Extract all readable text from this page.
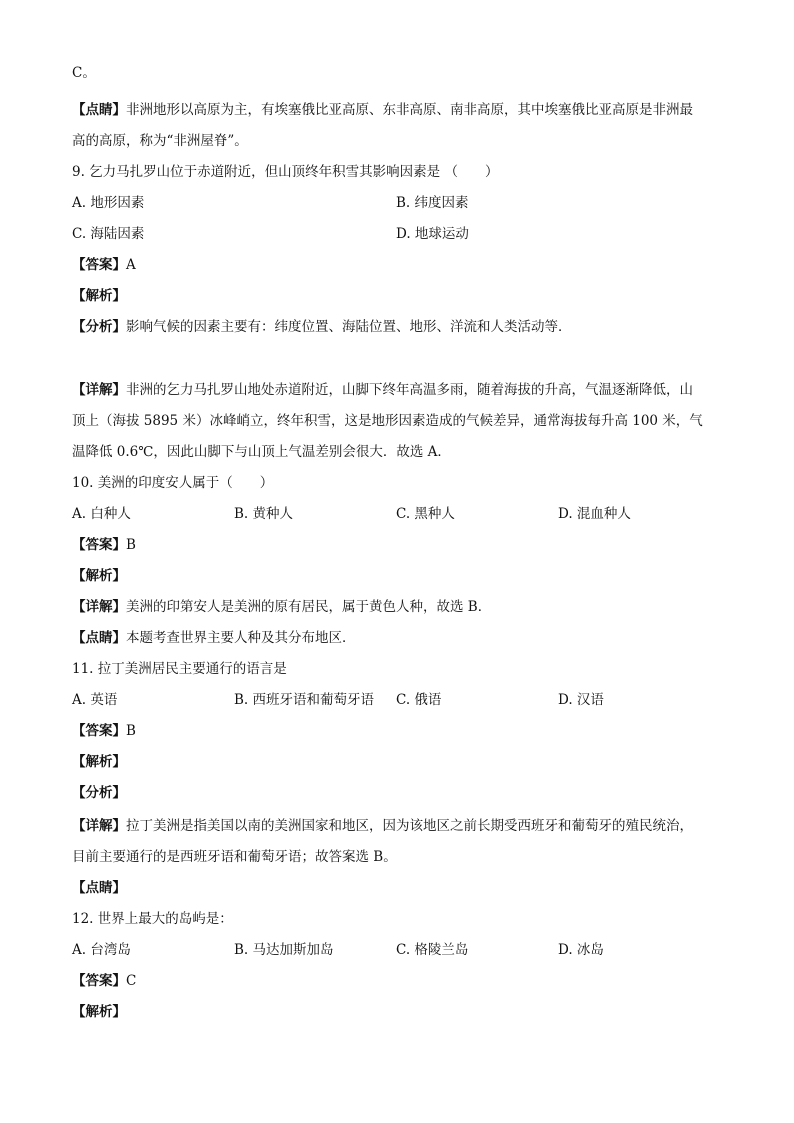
C。
【点睛】非洲地形以高原为主，有埃塞俄比亚高原、东非高原、南非高原，其中埃塞俄比亚高原是非洲最
高的高原，称为“非洲屋脊”。
9. 乞力马扎罗山位于赤道附近，但山顶终年积雪其影响因素是 （　　）
A. 地形因素	B. 纬度因素
C. 海陆因素	D. 地球运动
【答案】A
【解析】
【分析】影响气候的因素主要有：纬度位置、海陆位置、地形、洋流和人类活动等．
【详解】非洲的乞力马扎罗山地处赤道附近，山脚下终年高温多雨，随着海拔的升高，气温逐渐降低，山
顶上（海拔 5895 米）冰峰峭立，终年积雪，这是地形因素造成的气候差异，通常海拔每升高 100 米，气
温降低 0.6℃，因此山脚下与山顶上气温差别会很大．故选 A．
10. 美洲的印度安人属于（　　）
A. 白种人	B. 黄种人	C. 黑种人	D. 混血种人
【答案】B
【解析】
【详解】美洲的印第安人是美洲的原有居民，属于黄色人种，故选 B．
【点睛】本题考查世界主要人种及其分布地区．
11. 拉丁美洲居民主要通行的语言是
A. 英语	B. 西班牙语和葡萄牙语 C. 俄语	D. 汉语
【答案】B
【解析】
【分析】
【详解】拉丁美洲是指美国以南的美洲国家和地区，因为该地区之前长期受西班牙和葡萄牙的殖民统治，
目前主要通行的是西班牙语和葡萄牙语；故答案选 B。
【点睛】
12. 世界上最大的岛屿是：
A. 台湾岛	B. 马达加斯加岛	C. 格陵兰岛	D. 冰岛
【答案】C
【解析】
